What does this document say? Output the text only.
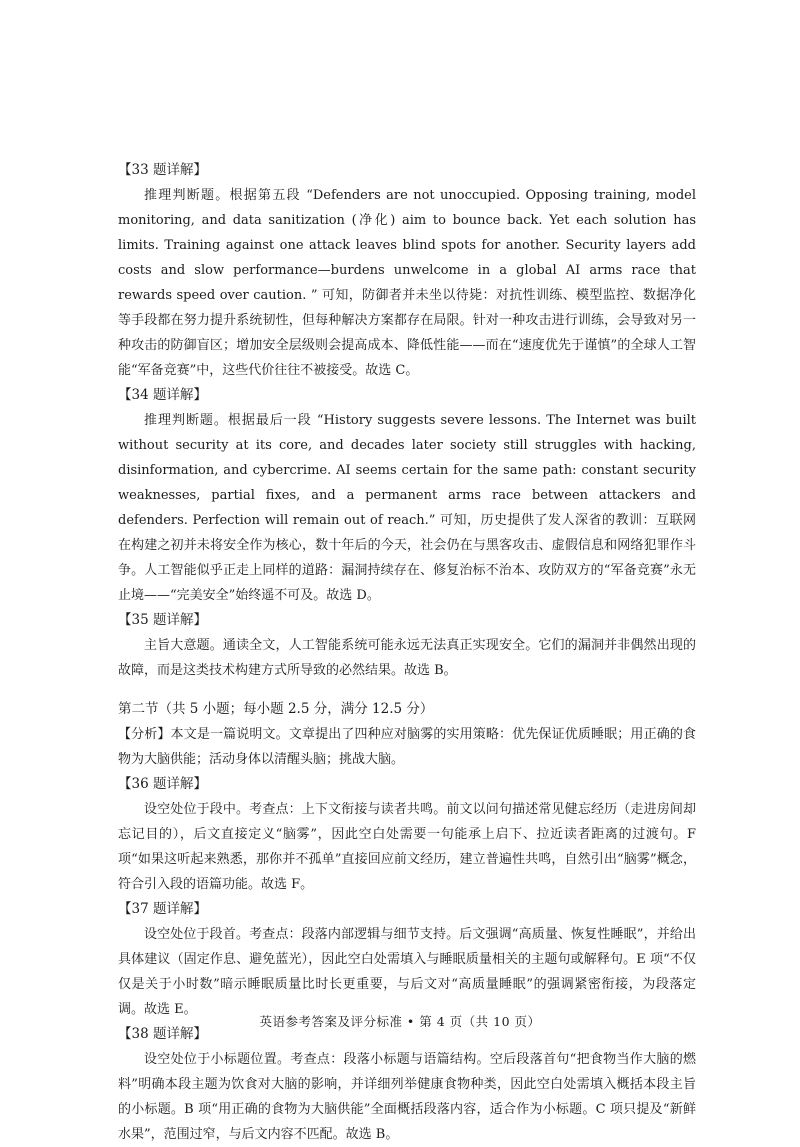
【33 题详解】

推理判断题。根据第五段 “Defenders are not unoccupied. Opposing training, model monitoring, and data sanitization (净化) aim to bounce back. Yet each solution has limits. Training against one attack leaves blind spots for another. Security layers add costs and slow performance—burdens unwelcome in a global AI arms race that rewards speed over caution. ” 可知，防御者并未坐以待毙：对抗性训练、模型监控、数据净化等手段都在努力提升系统韧性，但每种解决方案都存在局限。针对一种攻击进行训练，会导致对另一种攻击的防御盲区；增加安全层级则会提高成本、降低性能——而在“速度优先于谨慎”的全球人工智能“军备竞赛”中，这些代价往往不被接受。故选 C。

【34 题详解】

推理判断题。根据最后一段 “History suggests severe lessons. The Internet was built without security at its core, and decades later society still struggles with hacking, disinformation, and cybercrime. AI seems certain for the same path: constant security weaknesses, partial fixes, and a permanent arms race between attackers and defenders. Perfection will remain out of reach.” 可知，历史提供了发人深省的教训：互联网在构建之初并未将安全作为核心，数十年后的今天，社会仍在与黑客攻击、虚假信息和网络犯罪作斗争。人工智能似乎正走上同样的道路：漏洞持续存在、修复治标不治本、攻防双方的“军备竞赛”永无止境——“完美安全”始终遥不可及。故选 D。

【35 题详解】

主旨大意题。通读全文，人工智能系统可能永远无法真正实现安全。它们的漏洞并非偶然出现的故障，而是这类技术构建方式所导致的必然结果。故选 B。

第二节（共 5 小题；每小题 2.5 分，满分 12.5 分）

【分析】本文是一篇说明文。文章提出了四种应对脑雾的实用策略：优先保证优质睡眠；用正确的食物为大脑供能；活动身体以清醒头脑；挑战大脑。

【36 题详解】

设空处位于段中。考查点：上下文衔接与读者共鸣。前文以问句描述常见健忘经历（走进房间却忘记目的），后文直接定义“脑雾”，因此空白处需要一句能承上启下、拉近读者距离的过渡句。F 项“如果这听起来熟悉，那你并不孤单”直接回应前文经历，建立普遍性共鸣，自然引出“脑雾”概念，符合引入段的语篇功能。故选 F。

【37 题详解】

设空处位于段首。考查点：段落内部逻辑与细节支持。后文强调“高质量、恢复性睡眠”，并给出具体建议（固定作息、避免蓝光），因此空白处需填入与睡眠质量相关的主题句或解释句。E 项“不仅仅是关于小时数”暗示睡眠质量比时长更重要，与后文对“高质量睡眠”的强调紧密衔接，为段落定调。故选 E。

【38 题详解】

设空处位于小标题位置。考查点：段落小标题与语篇结构。空后段落首句“把食物当作大脑的燃料”明确本段主题为饮食对大脑的影响，并详细列举健康食物种类，因此空白处需填入概括本段主旨的小标题。B 项“用正确的食物为大脑供能”全面概括段落内容，适合作为小标题。C 项只提及“新鲜水果”，范围过窄，与后文内容不匹配。故选 B。

英语参考答案及评分标准 • 第 4 页（共 10 页）
